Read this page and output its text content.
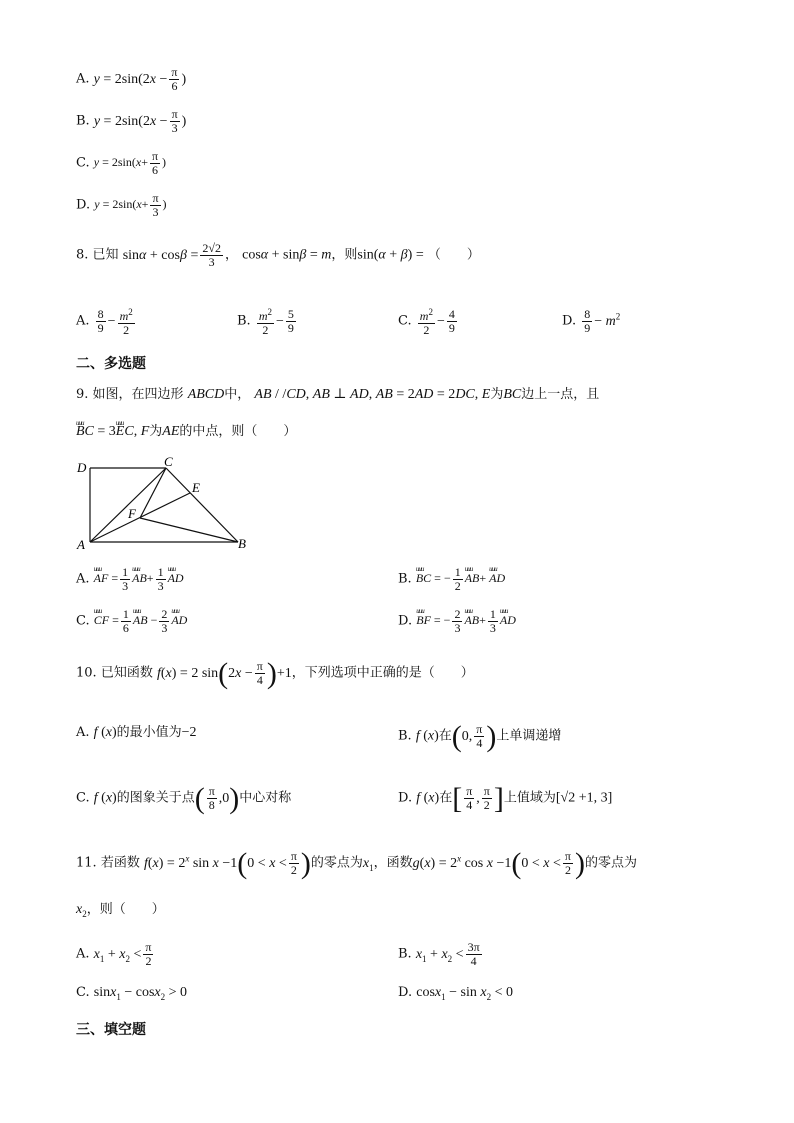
A. $y = 2\sin(2x - \frac{\pi}{6}$ )
B. $y = 2\sin(2x - \frac{\pi}{3}$ )
C. $y = 2\sin(x+ \frac{\pi}{6}$ )
D. $y = 2\sin(x+ \frac{\pi}{3}$ )
8. 已知 $\sin\alpha + \cos\beta = \frac{2√2}{3}$ ， cosα + sinβ = m，则sin(α + β) = （　　）
A. $\frac{8}{9} - \frac{m^2}{2}$	B. $\frac{m^2}{2} - \frac{5}{9}$	C. $\frac{m^2}{2} - \frac{4}{9}$	D. $\frac{8}{9} - m^2$
二、多选题
9. 如图，在四边形 ABCD中， AB / /CD, AB ⊥ AD, AB = 2AD = 2DC, E为BC边上一点，且
uuu BC = 3uuu EC, F为AE的中点，则（　　）
D	C
E
F
A	B
A. uuu AF = $\frac{1}{3}$ uuu $AB+ \frac{1}{3}$ uuu AD	B. uuu BC = − $\frac{1}{2}$ uuu AB+ uuu AD
C. uuu CF = $\frac{1}{6}$ uuu AB − $\frac{2}{3}$ uuu AD	D. uuu BF = − $\frac{2}{3}$ uuu $AB+ \frac{1}{3}$ uuu AD
10. 已知函数 f(x) = 2 $\sin(2x - \frac{\pi}{4} )+1$，下列选项中正确的是（　　）
A. f (x)的最小值为−2	B. f (x)在(0, $\frac{\pi}{4}$ )上单调递增
C. f (x)的图象关于点( $\frac{\pi}{8} ,0$)中心对称	D. f (x)在[ $\frac{\pi}{4}$ , $\frac{\pi}{2}$ ]上值域为[√2 +1, 3]
11. 若函数 $f(x) = 2^x$ $\sin x -1(0 < x < \frac{\pi}{2}$ )的零点为$x_1$，函数$g(x) = 2^x$ $\cos x -1(0 < x < \frac{\pi}{2}$ )的零点为
$x_2$，则（　　）
A. $x_1 + x_2 < \frac{\pi}{2}$	B. $x_1 + x_2 < \frac{3\pi}{4}$
C. sinx$_1$ − cosx$_2$ > 0	D. $\cos x_1 - \sin x_2 < 0$
三、填空题
